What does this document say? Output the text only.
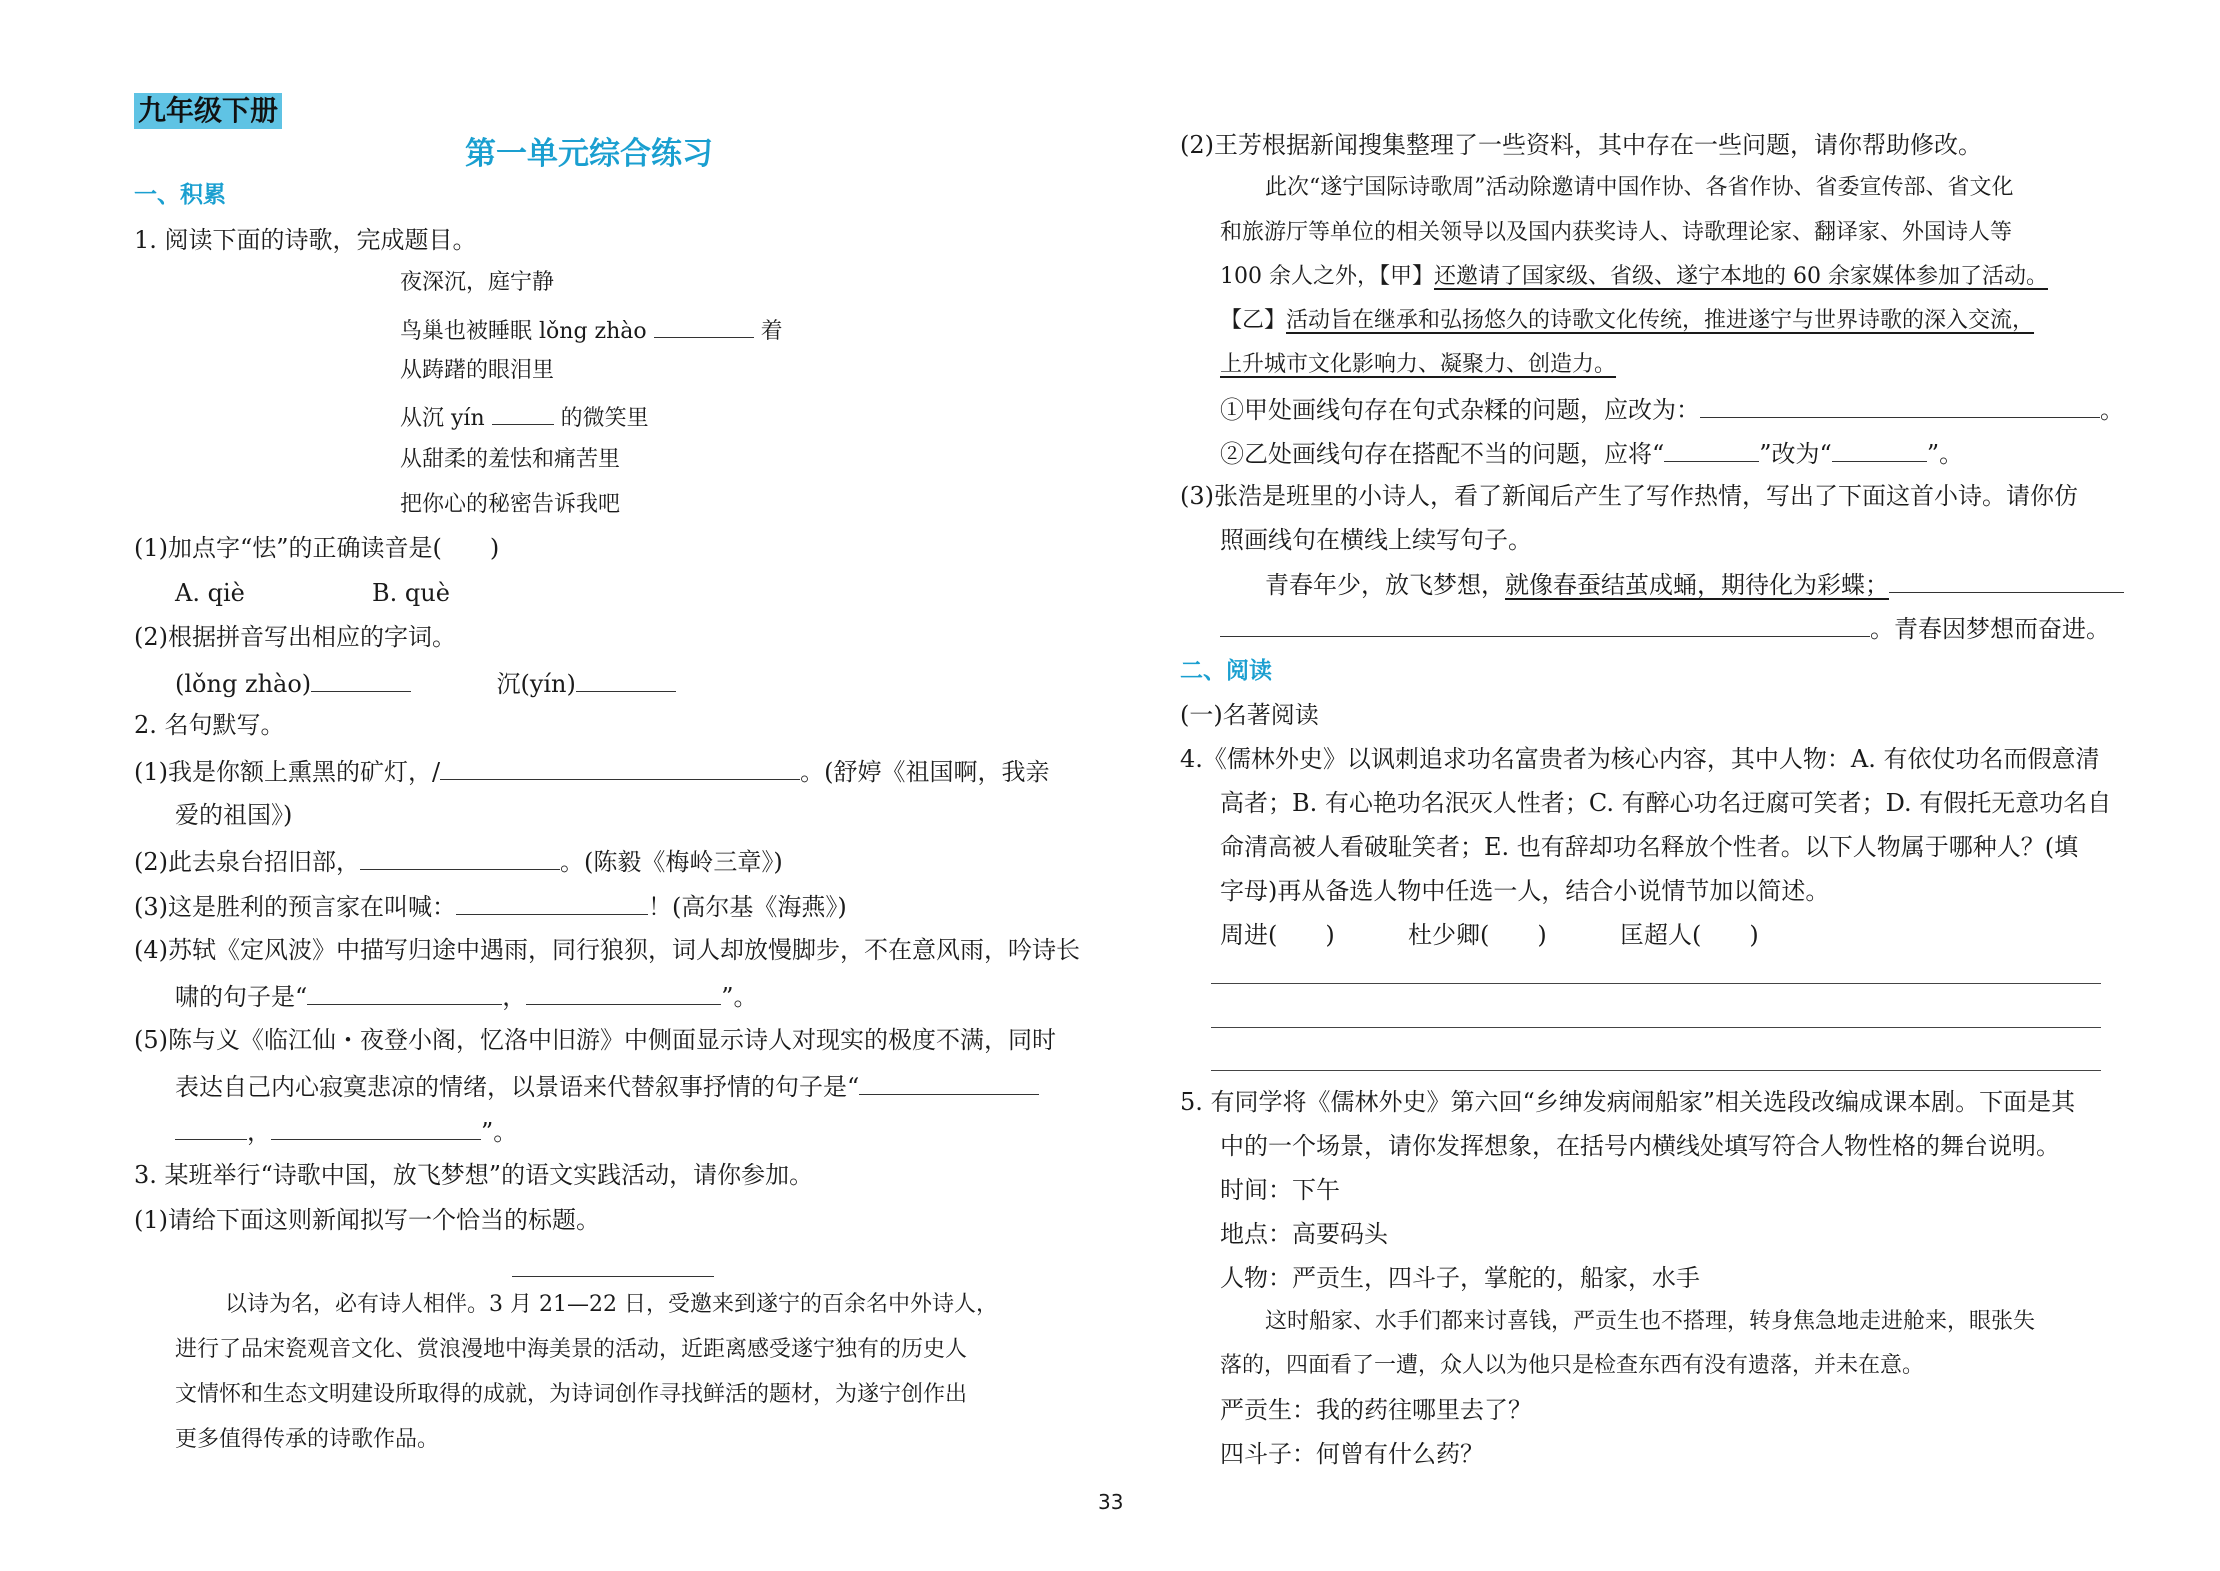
九年级下册
第一单元综合练习
一、积累
1. 阅读下面的诗歌，完成题目。
夜深沉，庭宁静
鸟巢也被睡眠 lǒng zhào	着
从踌躇的眼泪里
从沉 yín	的微笑里
从甜柔的羞怯和痛苦里
把你心的秘密告诉我吧
(1)加点字“怯”的正确读音是(　　)
A. qiè	B. què
(2)根据拼音写出相应的字词。
(lǒng zhào)	沉(yín)
2. 名句默写。
(1)我是你额上熏黑的矿灯，/	。(舒婷《祖国啊，我亲
爱的祖国》)
(2)此去泉台招旧部，	。(陈毅《梅岭三章》)
(3)这是胜利的预言家在叫喊：	！(高尔基《海燕》)
(4)苏轼《定风波》中描写归途中遇雨，同行狼狈，词人却放慢脚步，不在意风雨，吟诗长
啸的句子是“	，	”。
(5)陈与义《临江仙・夜登小阁，忆洛中旧游》中侧面显示诗人对现实的极度不满，同时
表达自己内心寂寞悲凉的情绪，以景语来代替叙事抒情的句子是“
，	”。
3. 某班举行“诗歌中国，放飞梦想”的语文实践活动，请你参加。
(1)请给下面这则新闻拟写一个恰当的标题。
以诗为名，必有诗人相伴。3 月 21—22 日，受邀来到遂宁的百余名中外诗人，
进行了品宋瓷观音文化、赏浪漫地中海美景的活动，近距离感受遂宁独有的历史人
文情怀和生态文明建设所取得的成就，为诗词创作寻找鲜活的题材，为遂宁创作出
更多值得传承的诗歌作品。
(2)王芳根据新闻搜集整理了一些资料，其中存在一些问题，请你帮助修改。
此次“遂宁国际诗歌周”活动除邀请中国作协、各省作协、省委宣传部、省文化
和旅游厅等单位的相关领导以及国内获奖诗人、诗歌理论家、翻译家、外国诗人等
100 余人之外，【甲】还邀请了国家级、省级、遂宁本地的 60 余家媒体参加了活动。
【乙】活动旨在继承和弘扬悠久的诗歌文化传统，推进遂宁与世界诗歌的深入交流，
上升城市文化影响力、凝聚力、创造力。
①甲处画线句存在句式杂糅的问题，应改为：	。
②乙处画线句存在搭配不当的问题，应将“	”改为“	”。
(3)张浩是班里的小诗人，看了新闻后产生了写作热情，写出了下面这首小诗。请你仿
照画线句在横线上续写句子。
青春年少，放飞梦想，就像春蚕结茧成蛹，期待化为彩蝶；
。青春因梦想而奋进。
二、阅读
(一)名著阅读
4.《儒林外史》以讽刺追求功名富贵者为核心内容，其中人物：A. 有依仗功名而假意清
高者；B. 有心艳功名泯灭人性者；C. 有醉心功名迂腐可笑者；D. 有假托无意功名自
命清高被人看破耻笑者；E. 也有辞却功名释放个性者。以下人物属于哪种人？(填
字母)再从备选人物中任选一人，结合小说情节加以简述。
周进(　　)	杜少卿(　　)	匡超人(　　)
5. 有同学将《儒林外史》第六回“乡绅发病闹船家”相关选段改编成课本剧。下面是其
中的一个场景，请你发挥想象，在括号内横线处填写符合人物性格的舞台说明。
时间：下午
地点：高要码头
人物：严贡生，四斗子，掌舵的，船家，水手
这时船家、水手们都来讨喜钱，严贡生也不搭理，转身焦急地走进舱来，眼张失
落的，四面看了一遭，众人以为他只是检查东西有没有遗落，并未在意。
严贡生：我的药往哪里去了？
四斗子：何曾有什么药？
33
